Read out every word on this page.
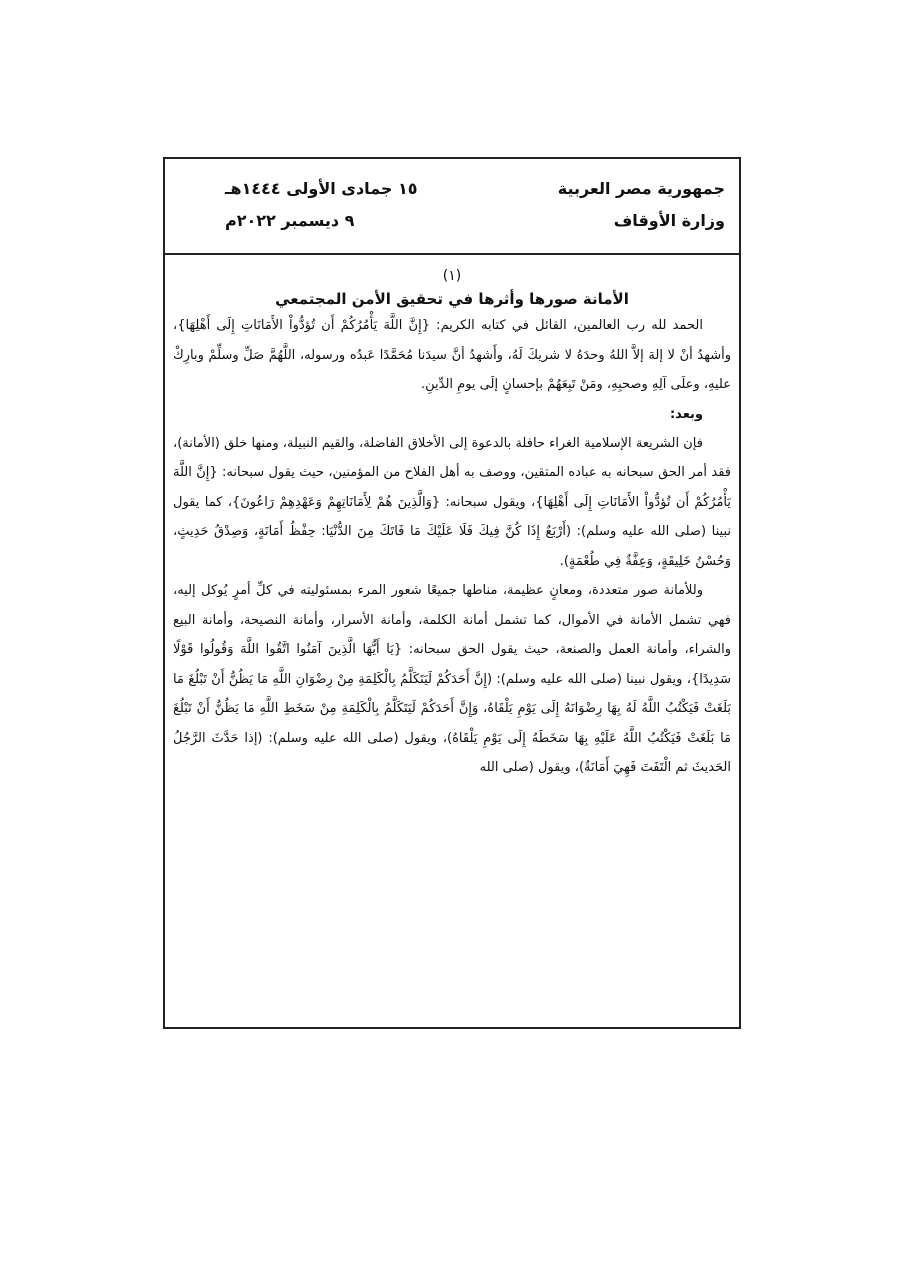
جمهورية مصر العربية
وزارة الأوقاف
١٥ جمادى الأولى ١٤٤٤هـ
٩ ديسمبر ٢٠٢٢م
(١)
الأمانة صورها وأثرها في تحقيق الأمن المجتمعي

الحمد لله رب العالمين، القائل في كتابه الكريم: {إِنَّ اللَّهَ يَأْمُرُكُمْ أَن تُؤدُّواْ الأَمَانَاتِ إِلَى أَهْلِهَا}، وأشهدُ أنْ لا إلهَ إلاَّ اللهُ وحدَهُ لا شريكَ لَهُ، وأَشهدُ أنَّ سيدَنا مُحَمَّدًا عَبدُه ورسوله، اللَّهُمَّ صَلِّ وسلِّمْ وبارِكْ عليهِ، وعلَى آلِهِ وصحبِهِ، ومَنْ تَبِعَهُمْ بإحسانٍ إلَى يومِ الدِّينِ.

وبعد:

فإن الشريعة الإسلامية الغراء حافلة بالدعوة إلى الأخلاق الفاضلة، والقيم النبيلة، ومنها خلق (الأمانة)، فقد أمر الحق سبحانه به عباده المتقين، ووصف به أهل الفلاح من المؤمنين، حيث يقول سبحانه: {إِنَّ اللَّهَ يَأْمُرُكُمْ أَن تُؤدُّواْ الأَمَانَاتِ إِلَى أَهْلِهَا}، ويقول سبحانه: {وَالَّذِينَ هُمْ لِأَمَانَاتِهِمْ وَعَهْدِهِمْ رَاعُونَ}، كما يقول نبينا (صلى الله عليه وسلم): (أَرْبَعٌ إِذَا كُنَّ فِيكَ فَلَا عَلَيْكَ مَا فَاتَكَ مِنَ الدُّنْيَا: حِفْظُ أَمَانَةٍ، وَصِدْقُ حَدِيثٍ، وَحُسْنُ خَلِيقَةٍ، وَعِفَّةٌ فِي طُعْمَةٍ).

وللأمانة صور متعددة، ومعانٍ عظيمة، مناطها جميعًا شعور المرء بمسئوليته في كلِّ أمرٍ يُوكل إليه، فهي تشمل الأمانة في الأموال، كما تشمل أمانة الكلمة، وأمانة الأسرار، وأمانة النصيحة، وأمانة البيع والشراء، وأمانة العمل والصنعة، حيث يقول الحق سبحانه: {يَا أَيُّهَا الَّذِينَ آمَنُوا اتَّقُوا اللَّهَ وَقُولُوا قَوْلًا سَدِيدًا}، ويقول نبينا (صلى الله عليه وسلم): (إِنَّ أَحَدَكُمْ لَيَتَكَلَّمُ بِالْكَلِمَةِ مِنْ رِضْوَانِ اللَّهِ مَا يَظُنُّ أَنْ تَبْلُغَ مَا بَلَغَتْ فَيَكْتُبُ اللَّهُ لَهُ بِهَا رِضْوَانَهُ إِلَى يَوْمِ يَلْقَاهُ، وَإِنَّ أَحَدَكُمْ لَيَتَكَلَّمُ بِالْكَلِمَةِ مِنْ سَخَطِ اللَّهِ مَا يَظُنُّ أَنْ تَبْلُغَ مَا بَلَغَتْ فَيَكْتُبُ اللَّهُ عَلَيْهِ بِهَا سَخَطَهُ إِلَى يَوْمِ يَلْقَاهُ)، ويقول (صلى الله عليه وسلم): (إذا حَدَّثَ الرَّجُلُ الحَديثَ ثم الْتَفَتَ فَهِيَ أَمَانَةٌ)، ويقول (صلى الله
